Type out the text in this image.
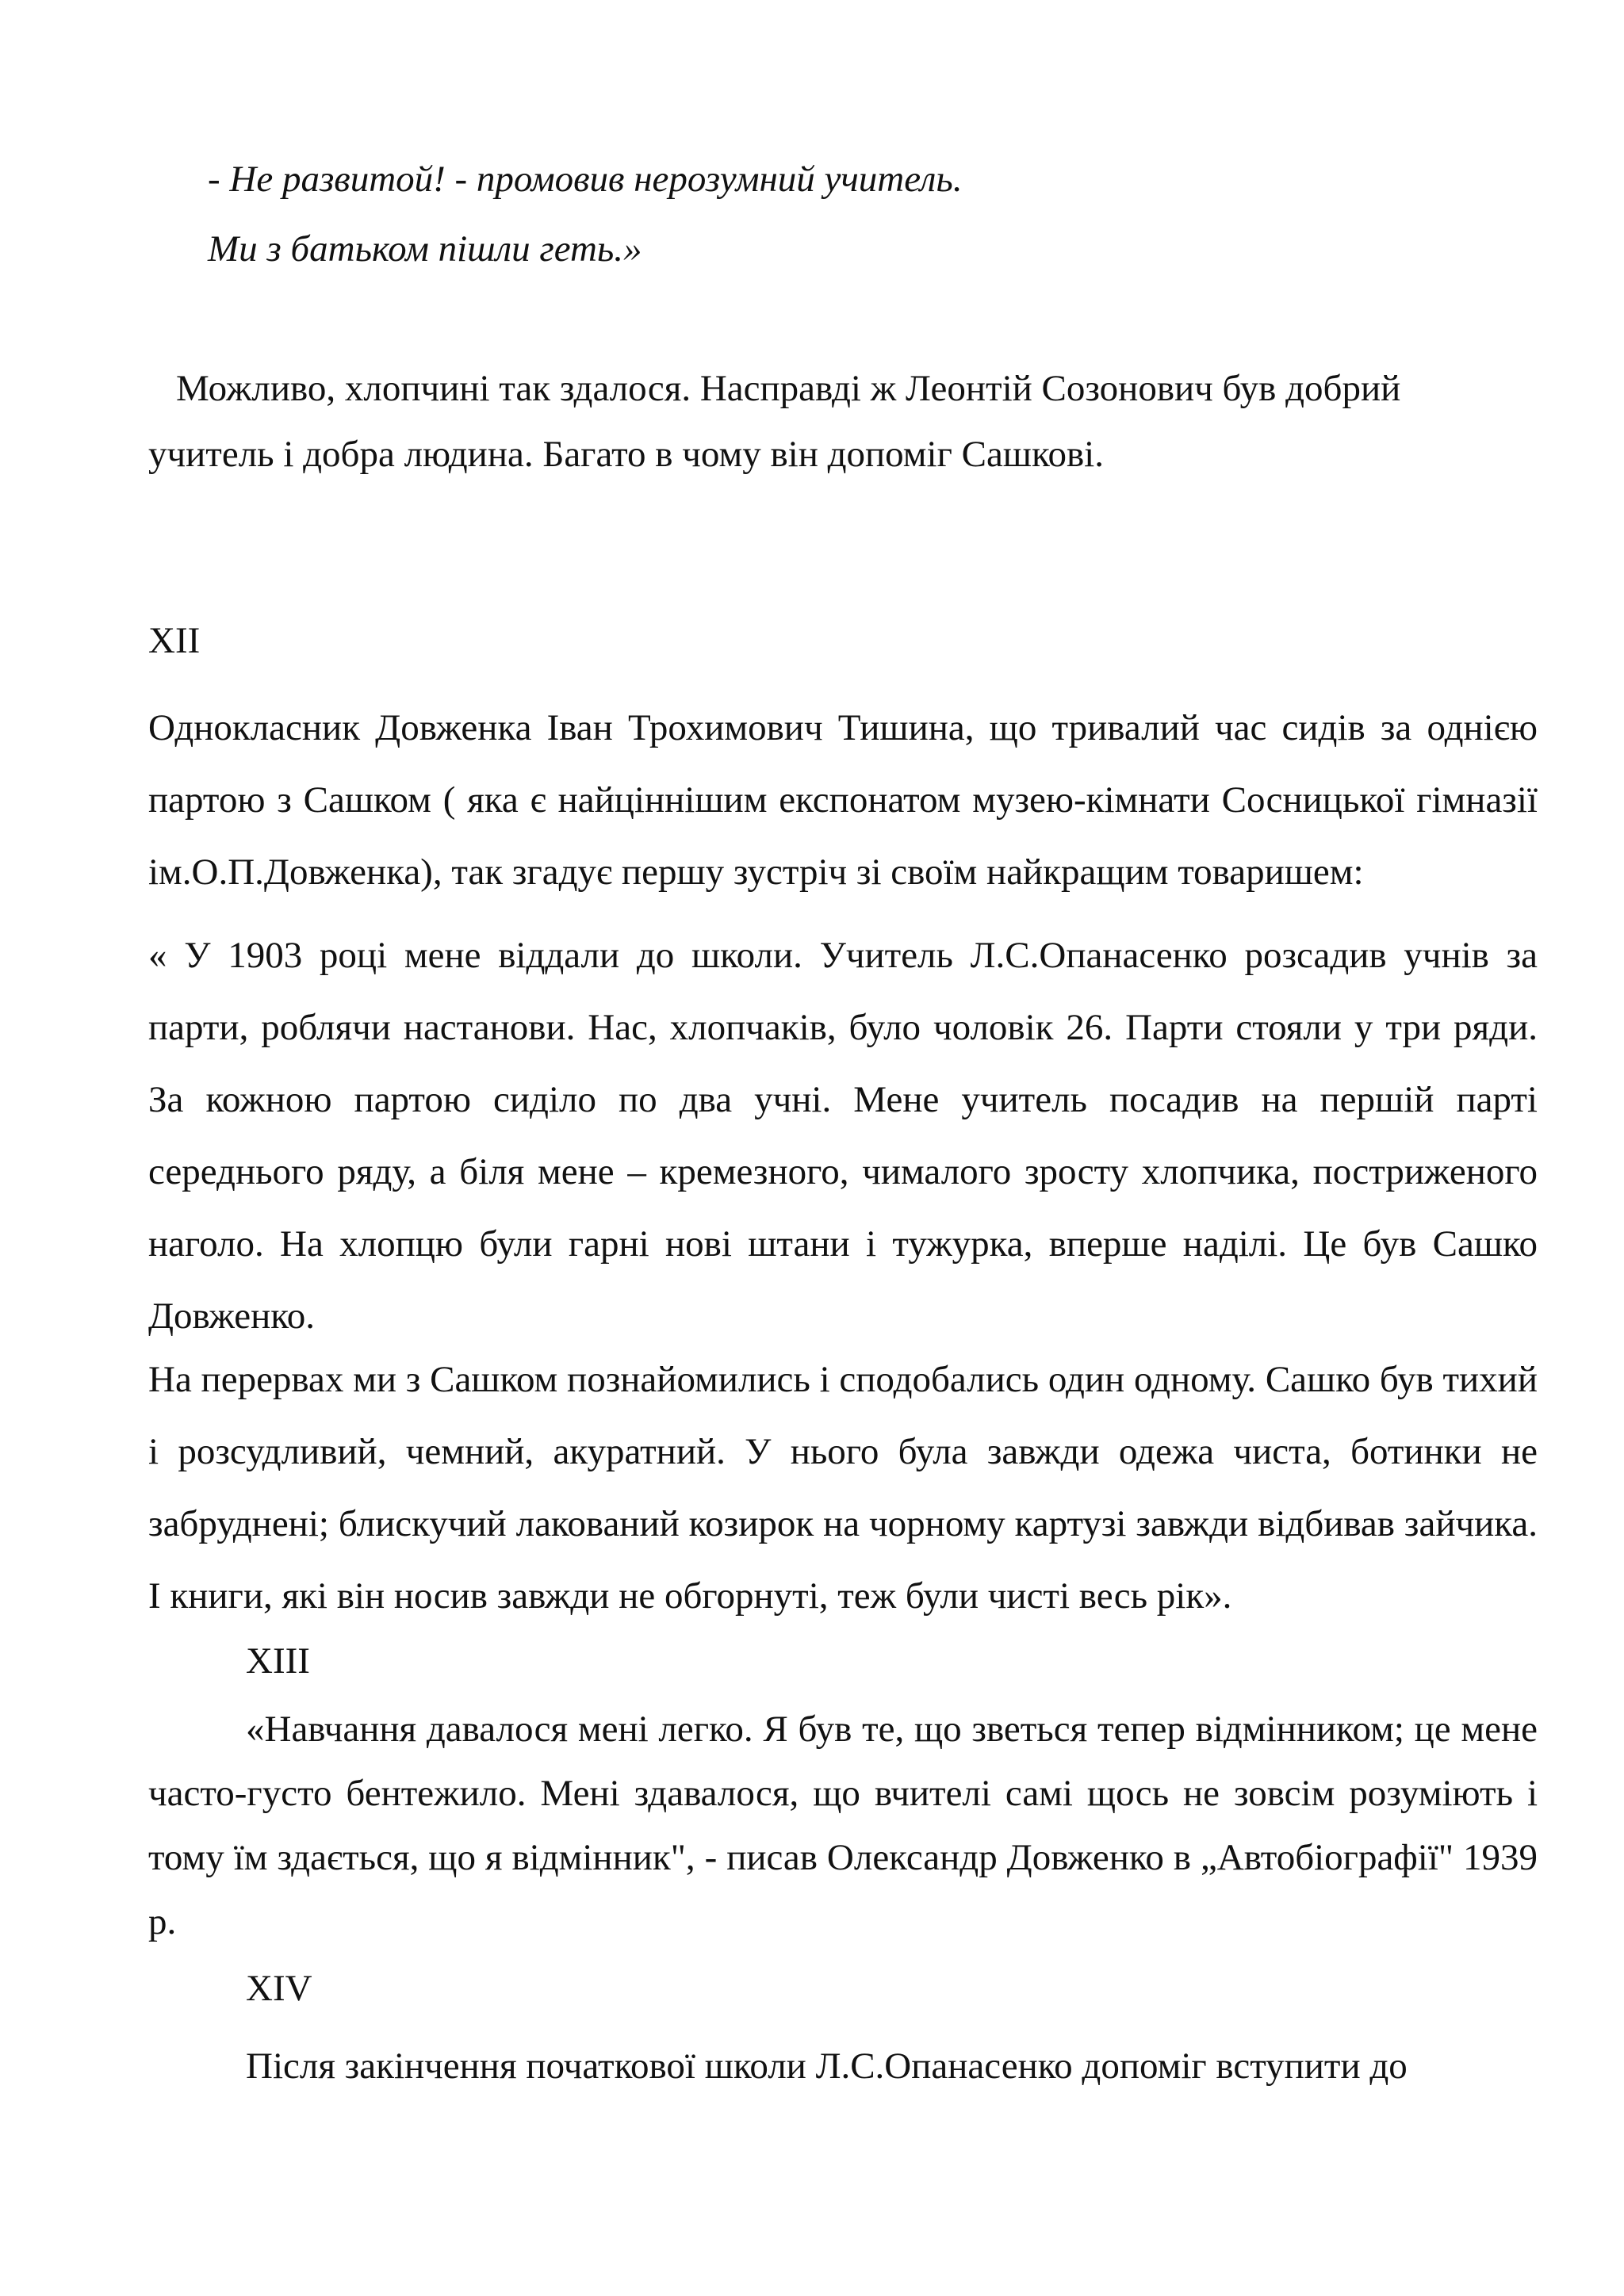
- Не развитой! - промовив нерозумний учитель.

Ми з батьком пішли геть.»

Можливо, хлопчині так здалося. Насправді ж Леонтій Созонович був добрий

учитель і добра людина. Багато в чому він допоміг Сашкові.

XII

Однокласник Довженка Іван Трохимович Тишина, що тривалий час сидів за однією партою з Сашком ( яка є найціннішим експонатом музею-кімнати Сосницької гімназії ім.О.П.Довженка), так згадує першу зустріч зі своїм найкращим товаришем:

« У 1903 році мене віддали до школи. Учитель Л.С.Опанасенко розсадив учнів за парти, роблячи настанови. Нас, хлопчаків, було чоловік 26. Парти стояли у три ряди. За кожною партою сиділо по два учні. Мене учитель посадив на першій парті середнього ряду, а біля мене – кремезного, чималого зросту хлопчика, постриженого наголо. На хлопцю були гарні нові штани і тужурка, вперше наділі. Це був Сашко Довженко.

На перервах ми з Сашком познайомились і сподобались один одному. Сашко був тихий і розсудливий, чемний, акуратний. У нього була завжди одежа чиста, ботинки не забруднені; блискучий лакований козирок на чорному картузі завжди відбивав зайчика. І книги, які він носив завжди не обгорнуті, теж були чисті весь рік».

XIII

«Навчання давалося мені легко. Я був те, що зветься тепер відмінником; це мене часто-густо бентежило. Мені здавалося, що вчителі самі щось не зовсім розуміють і тому їм здається, що я відмінник", - писав Олександр Довженко в „Автобіографії" 1939 р.

XIV

Після закінчення початкової школи Л.С.Опанасенко допоміг вступити до
